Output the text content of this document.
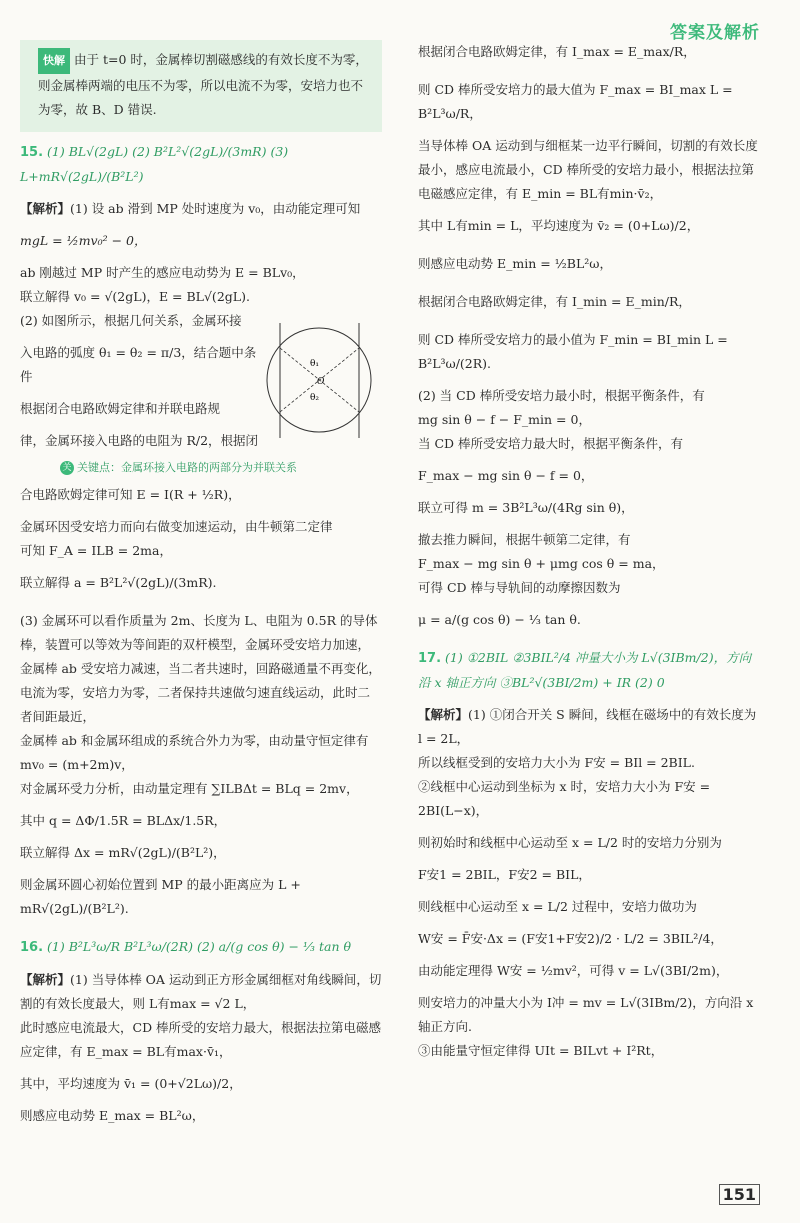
答案及解析

快解 由于 t=0 时，金属棒切割磁感线的有效长度不为零，则金属棒两端的电压不为零，所以电流不为零，安培力也不为零，故 B、D 错误.

15. (1) BL√(2gL) (2) B²L²√(2gL)/(3mR) (3) L+mR√(2gL)/(B²L²)

【解析】(1) 设 ab 滑到 MP 处时速度为 v₀，由动能定理可知

mgL = ½mv₀² − 0，

ab 刚越过 MP 时产生的感应电动势为 E = BLv₀，

联立解得 v₀ = √(2gL)，E = BL√(2gL).

(2) 如图所示，根据几何关系，金属环接

入电路的弧度 θ₁ = θ₂ = π/3，结合题中条件

根据闭合电路欧姆定律和并联电路规

律，金属环接入电路的电阻为 R/2，根据闭

关 关键点：金属环接入电路的两部分为并联关系

合电路欧姆定律可知 E = I(R + ½R)，

金属环因受安培力而向右做变加速运动，由牛顿第二定律

可知 F_A = ILB = 2ma，

联立解得 a = B²L²√(2gL)/(3mR).

(3) 金属环可以看作质量为 2m、长度为 L、电阻为 0.5R 的导体棒，装置可以等效为等间距的双杆模型，金属环受安培力加速，金属棒 ab 受安培力减速，当二者共速时，回路磁通量不再变化，电流为零，安培力为零，二者保持共速做匀速直线运动，此时二者间距最近，

金属棒 ab 和金属环组成的系统合外力为零，由动量守恒定律有 mv₀ = (m+2m)v，

对金属环受力分析，由动量定理有 ∑ILBΔt = BLq = 2mv，

其中 q = ΔΦ/1.5R = BLΔx/1.5R，

联立解得 Δx = mR√(2gL)/(B²L²)，

则金属环圆心初始位置到 MP 的最小距离应为 L + mR√(2gL)/(B²L²).

16. (1) B²L³ω/R B²L³ω/(2R) (2) a/(g cos θ) − ⅓ tan θ

【解析】(1) 当导体棒 OA 运动到正方形金属细框对角线瞬间，切割的有效长度最大，则 L有max = √2 L，

此时感应电流最大，CD 棒所受的安培力最大，根据法拉第电磁感应定律，有 E_max = BL有max·v̄₁，

其中，平均速度为 v̄₁ = (0+√2Lω)/2，

则感应电动势 E_max = BL²ω，

θ₁
O
θ₂

根据闭合电路欧姆定律，有 I_max = E_max/R，

则 CD 棒所受安培力的最大值为 F_max = BI_max L = B²L³ω/R，

当导体棒 OA 运动到与细框某一边平行瞬间，切割的有效长度最小，感应电流最小，CD 棒所受的安培力最小，根据法拉第电磁感应定律，有 E_min = BL有min·v̄₂，

其中 L有min = L，平均速度为 v̄₂ = (0+Lω)/2，

则感应电动势 E_min = ½BL²ω，

根据闭合电路欧姆定律，有 I_min = E_min/R，

则 CD 棒所受安培力的最小值为 F_min = BI_min L = B²L³ω/(2R).

(2) 当 CD 棒所受安培力最小时，根据平衡条件，有

mg sin θ − f − F_min = 0，

当 CD 棒所受安培力最大时，根据平衡条件，有

F_max − mg sin θ − f = 0，

联立可得 m = 3B²L³ω/(4Rg sin θ)，

撤去推力瞬间，根据牛顿第二定律，有

F_max − mg sin θ + μmg cos θ = ma，

可得 CD 棒与导轨间的动摩擦因数为

μ = a/(g cos θ) − ⅓ tan θ.

17. (1) ①2BIL ②3BIL²/4 冲量大小为 L√(3IBm/2)，方向沿 x 轴正方向 ③BL²√(3BI/2m) + IR (2) 0

【解析】(1) ①闭合开关 S 瞬间，线框在磁场中的有效长度为 l = 2L，

所以线框受到的安培力大小为 F安 = BIl = 2BIL.

②线框中心运动到坐标为 x 时，安培力大小为 F安 = 2BI(L−x)，

则初始时和线框中心运动至 x = L/2 时的安培力分别为

F安1 = 2BIL，F安2 = BIL，

则线框中心运动至 x = L/2 过程中，安培力做功为

W安 = F̄安·Δx = (F安1+F安2)/2 · L/2 = 3BIL²/4，

由动能定理得 W安 = ½mv²，可得 v = L√(3BI/2m)，

则安培力的冲量大小为 I冲 = mv = L√(3IBm/2)，方向沿 x 轴正方向.

③由能量守恒定律得 UIt = BILvt + I²Rt，

151
